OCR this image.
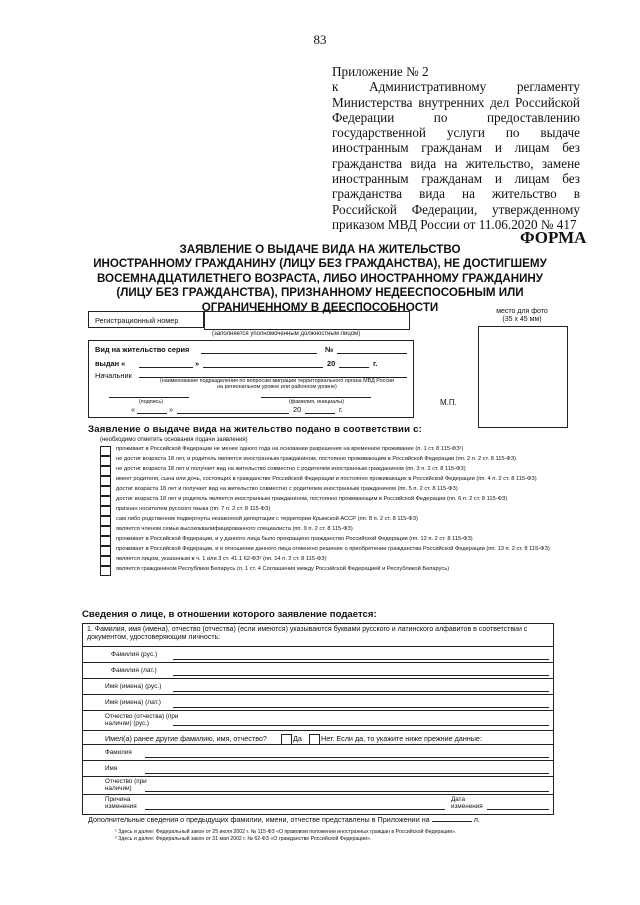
83
Приложение № 2
к Административному регламенту
Министерства внутренних дел Российской
Федерации по предоставлению
государственной услуги по выдаче
иностранным гражданам и лицам без
гражданства вида на жительство, замене
иностранным гражданам и лицам без
гражданства вида на жительство в
Российской Федерации, утвержденному
приказом МВД России от 11.06.2020 № 417
ФОРМА
ЗАЯВЛЕНИЕ О ВЫДАЧЕ ВИДА НА ЖИТЕЛЬСТВО
ИНОСТРАННОМУ ГРАЖДАНИНУ (ЛИЦУ БЕЗ ГРАЖДАНСТВА), НЕ ДОСТИГШЕМУ
ВОСЕМНАДЦАТИЛЕТНЕГО ВОЗРАСТА, ЛИБО ИНОСТРАННОМУ ГРАЖДАНИНУ
(ЛИЦУ БЕЗ ГРАЖДАНСТВА), ПРИЗНАННОМУ НЕДЕЕСПОСОБНЫМ ИЛИ
ОГРАНИЧЕННОМУ В ДЕЕСПОСОБНОСТИ	место для фото
(35 х 45 мм)
Регистрационный номер
(заполняется уполномоченным должностным лицом)
Вид на жительство серия	№
выдан «	»	20	г.
Начальник
(наименование подразделения по вопросам миграции территориального органа МВД России
на региональном уровне или районном уровне)
(подпись)	(фамилия, инициалы)
«	»	20	г.
М.П.
Заявление о выдаче вида на жительство подано в соответствии с:
(необходимо отметить основания подачи заявления)
проживает в Российской Федерации не менее одного года на основании разрешения на временное проживание (п. 1 ст. 8 115-ФЗ¹)
не достиг возраста 18 лет, и родитель является иностранным гражданином, постоянно проживающим в Российской Федерации (пп. 2 п. 2 ст. 8 115-ФЗ)
не достиг возраста 18 лет и получает вид на жительство совместно с родителем иностранным гражданином (пп. 3 п. 2 ст. 8 115-ФЗ)
имеет родителя, сына или дочь, состоящих в гражданстве Российской Федерации и постоянно проживающих в Российской Федерации (пп. 4 п. 2 ст. 8 115-ФЗ)
достиг возраста 18 лет и получает вид на жительство совместно с родителем иностранным гражданином (пп. 5 п. 2 ст. 8 115-ФЗ)
достиг возраста 18 лет и родитель является иностранным гражданином, постоянно проживающим в Российской Федерации (пп. 6 п. 2 ст. 8 115-ФЗ)
признан носителем русского языка (пп. 7 п. 2 ст. 8 115-ФЗ)
сам либо родственник подвергнуты незаконной депортации с территории Крымской АССР (пп. 8 п. 2 ст. 8 115-ФЗ)
является членом семьи высококвалифицированного специалиста (пп. 9 п. 2 ст. 8 115-ФЗ)
проживает в Российской Федерации, и у данного лица было прекращено гражданство Российской Федерации (пп. 12 п. 2 ст. 8 115-ФЗ)
проживает в Российской Федерации, и в отношении данного лица отменено решение о приобретении гражданства Российской Федерации (пп. 13 п. 2 ст. 8 115-ФЗ)
является лицом, указанным в ч. 1 или 3 ст. 41.1 62-ФЗ² (пп. 14 п. 2 ст. 8 115-ФЗ)
является гражданином Республики Беларусь (п. 1 ст. 4 Соглашения между Российской Федерацией и Республикой Беларусь)
Сведения о лице, в отношении которого заявление подается:
1. Фамилия, имя (имена), отчество (отчества) (если имеются) указываются буквами русского и латинского алфавитов в соответствии с документом, удостоверяющим личность:
Фамилия (рус.)
Фамилия (лат.)
Имя (имена) (рус.)
Имя (имена) (лат.)
Отчество (отчества) (при наличии) (рус.)
Имел(а) ранее другие фамилию, имя, отчество?	Да	Нет. Если да, то укажите ниже прежние данные:
Фамилия
Имя
Отчество (при наличии)
Причина изменения
Дата изменения
Дополнительные сведения о предыдущих фамилии, имени, отчестве представлены в Приложении на	л.
¹ Здесь и далее: Федеральный закон от 25 июля 2002 г. № 115-ФЗ «О правовом положении иностранных граждан в Российской Федерации».
² Здесь и далее: Федеральный закон от 31 мая 2002 г. № 62-ФЗ «О гражданстве Российской Федерации».
